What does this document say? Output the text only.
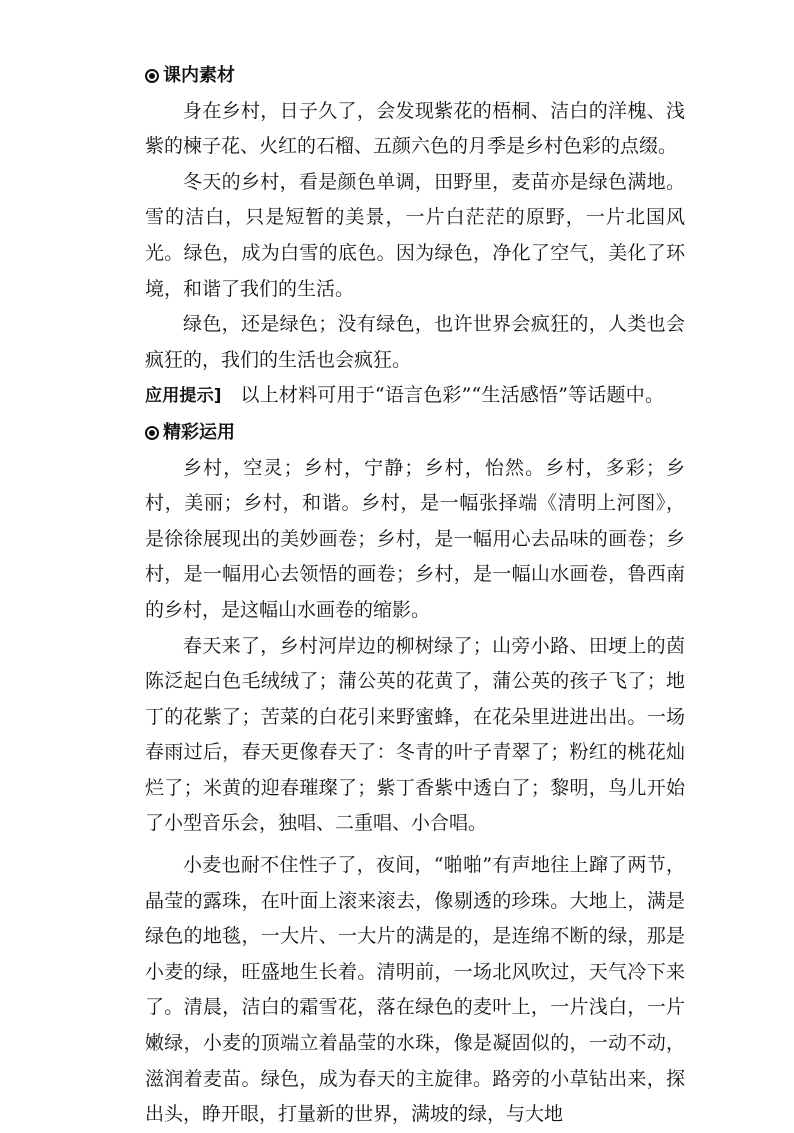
课内素材

身在乡村，日子久了，会发现紫花的梧桐、洁白的洋槐、浅紫的楝子花、火红的石榴、五颜六色的月季是乡村色彩的点缀。

冬天的乡村，看是颜色单调，田野里，麦苗亦是绿色满地。雪的洁白，只是短暂的美景，一片白茫茫的原野，一片北国风光。绿色，成为白雪的底色。因为绿色，净化了空气，美化了环境，和谐了我们的生活。

绿色，还是绿色；没有绿色，也许世界会疯狂的，人类也会疯狂的，我们的生活也会疯狂。

应用提示] 以上材料可用于“语言色彩”“生活感悟”等话题中。

精彩运用

乡村，空灵；乡村，宁静；乡村，怡然。乡村，多彩；乡村，美丽；乡村，和谐。乡村，是一幅张择端《清明上河图》，是徐徐展现出的美妙画卷；乡村，是一幅用心去品味的画卷；乡村，是一幅用心去领悟的画卷；乡村，是一幅山水画卷，鲁西南的乡村，是这幅山水画卷的缩影。

春天来了，乡村河岸边的柳树绿了；山旁小路、田埂上的茵陈泛起白色毛绒绒了；蒲公英的花黄了，蒲公英的孩子飞了；地丁的花紫了；苦菜的白花引来野蜜蜂，在花朵里进进出出。一场春雨过后，春天更像春天了：冬青的叶子青翠了；粉红的桃花灿烂了；米黄的迎春璀璨了；紫丁香紫中透白了；黎明，鸟儿开始了小型音乐会，独唱、二重唱、小合唱。

小麦也耐不住性子了，夜间，“啪啪”有声地往上蹿了两节，晶莹的露珠，在叶面上滚来滚去，像剔透的珍珠。大地上，满是绿色的地毯，一大片、一大片的满是的，是连绵不断的绿，那是小麦的绿，旺盛地生长着。清明前，一场北风吹过，天气冷下来了。清晨，洁白的霜雪花，落在绿色的麦叶上，一片浅白，一片嫩绿，小麦的顶端立着晶莹的水珠，像是凝固似的，一动不动，滋润着麦苗。绿色，成为春天的主旋律。路旁的小草钻出来，探出头，睁开眼，打量新的世界，满坡的绿，与大地
